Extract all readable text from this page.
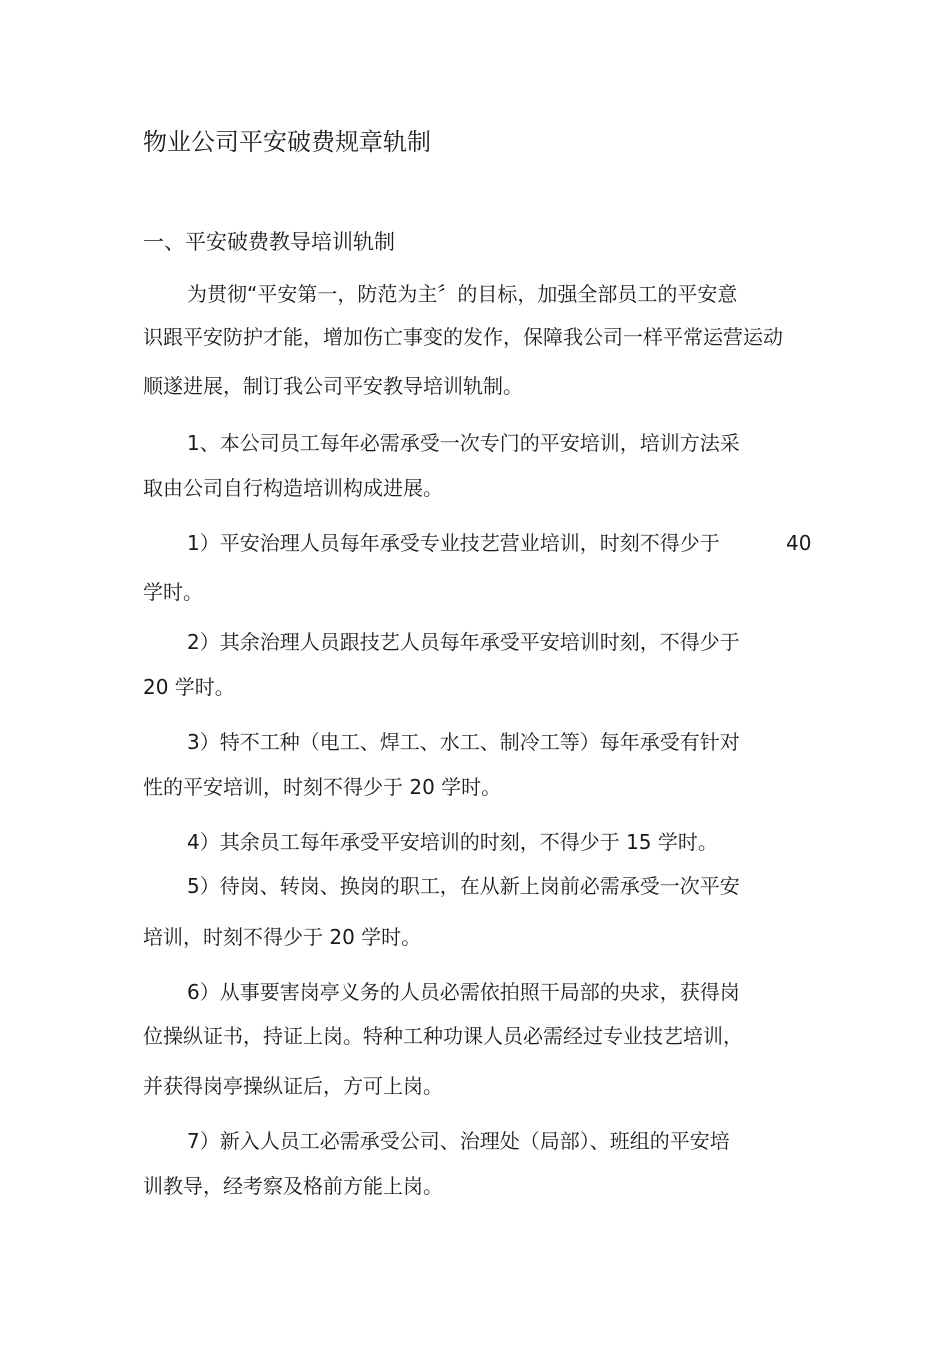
物业公司平安破费规章轨制
一、平安破费教导培训轨制
为贯彻“平安第一，防范为主〞的目标，加强全部员工的平安意
识跟平安防护才能，增加伤亡事变的发作，保障我公司一样平常运营运动
顺遂进展，制订我公司平安教导培训轨制。
1、本公司员工每年必需承受一次专门的平安培训，培训方法采
取由公司自行构造培训构成进展。
1）平安治理人员每年承受专业技艺营业培训，时刻不得少于	40
学时。
2）其余治理人员跟技艺人员每年承受平安培训时刻，不得少于
20 学时。
3）特不工种（电工、焊工、水工、制冷工等）每年承受有针对
性的平安培训，时刻不得少于 20 学时。
4）其余员工每年承受平安培训的时刻，不得少于 15 学时。
5）待岗、转岗、换岗的职工，在从新上岗前必需承受一次平安
培训，时刻不得少于 20 学时。
6）从事要害岗亭义务的人员必需依拍照干局部的央求，获得岗
位操纵证书，持证上岗。特种工种功课人员必需经过专业技艺培训，
并获得岗亭操纵证后，方可上岗。
7）新入人员工必需承受公司、治理处（局部）、班组的平安培
训教导，经考察及格前方能上岗。
